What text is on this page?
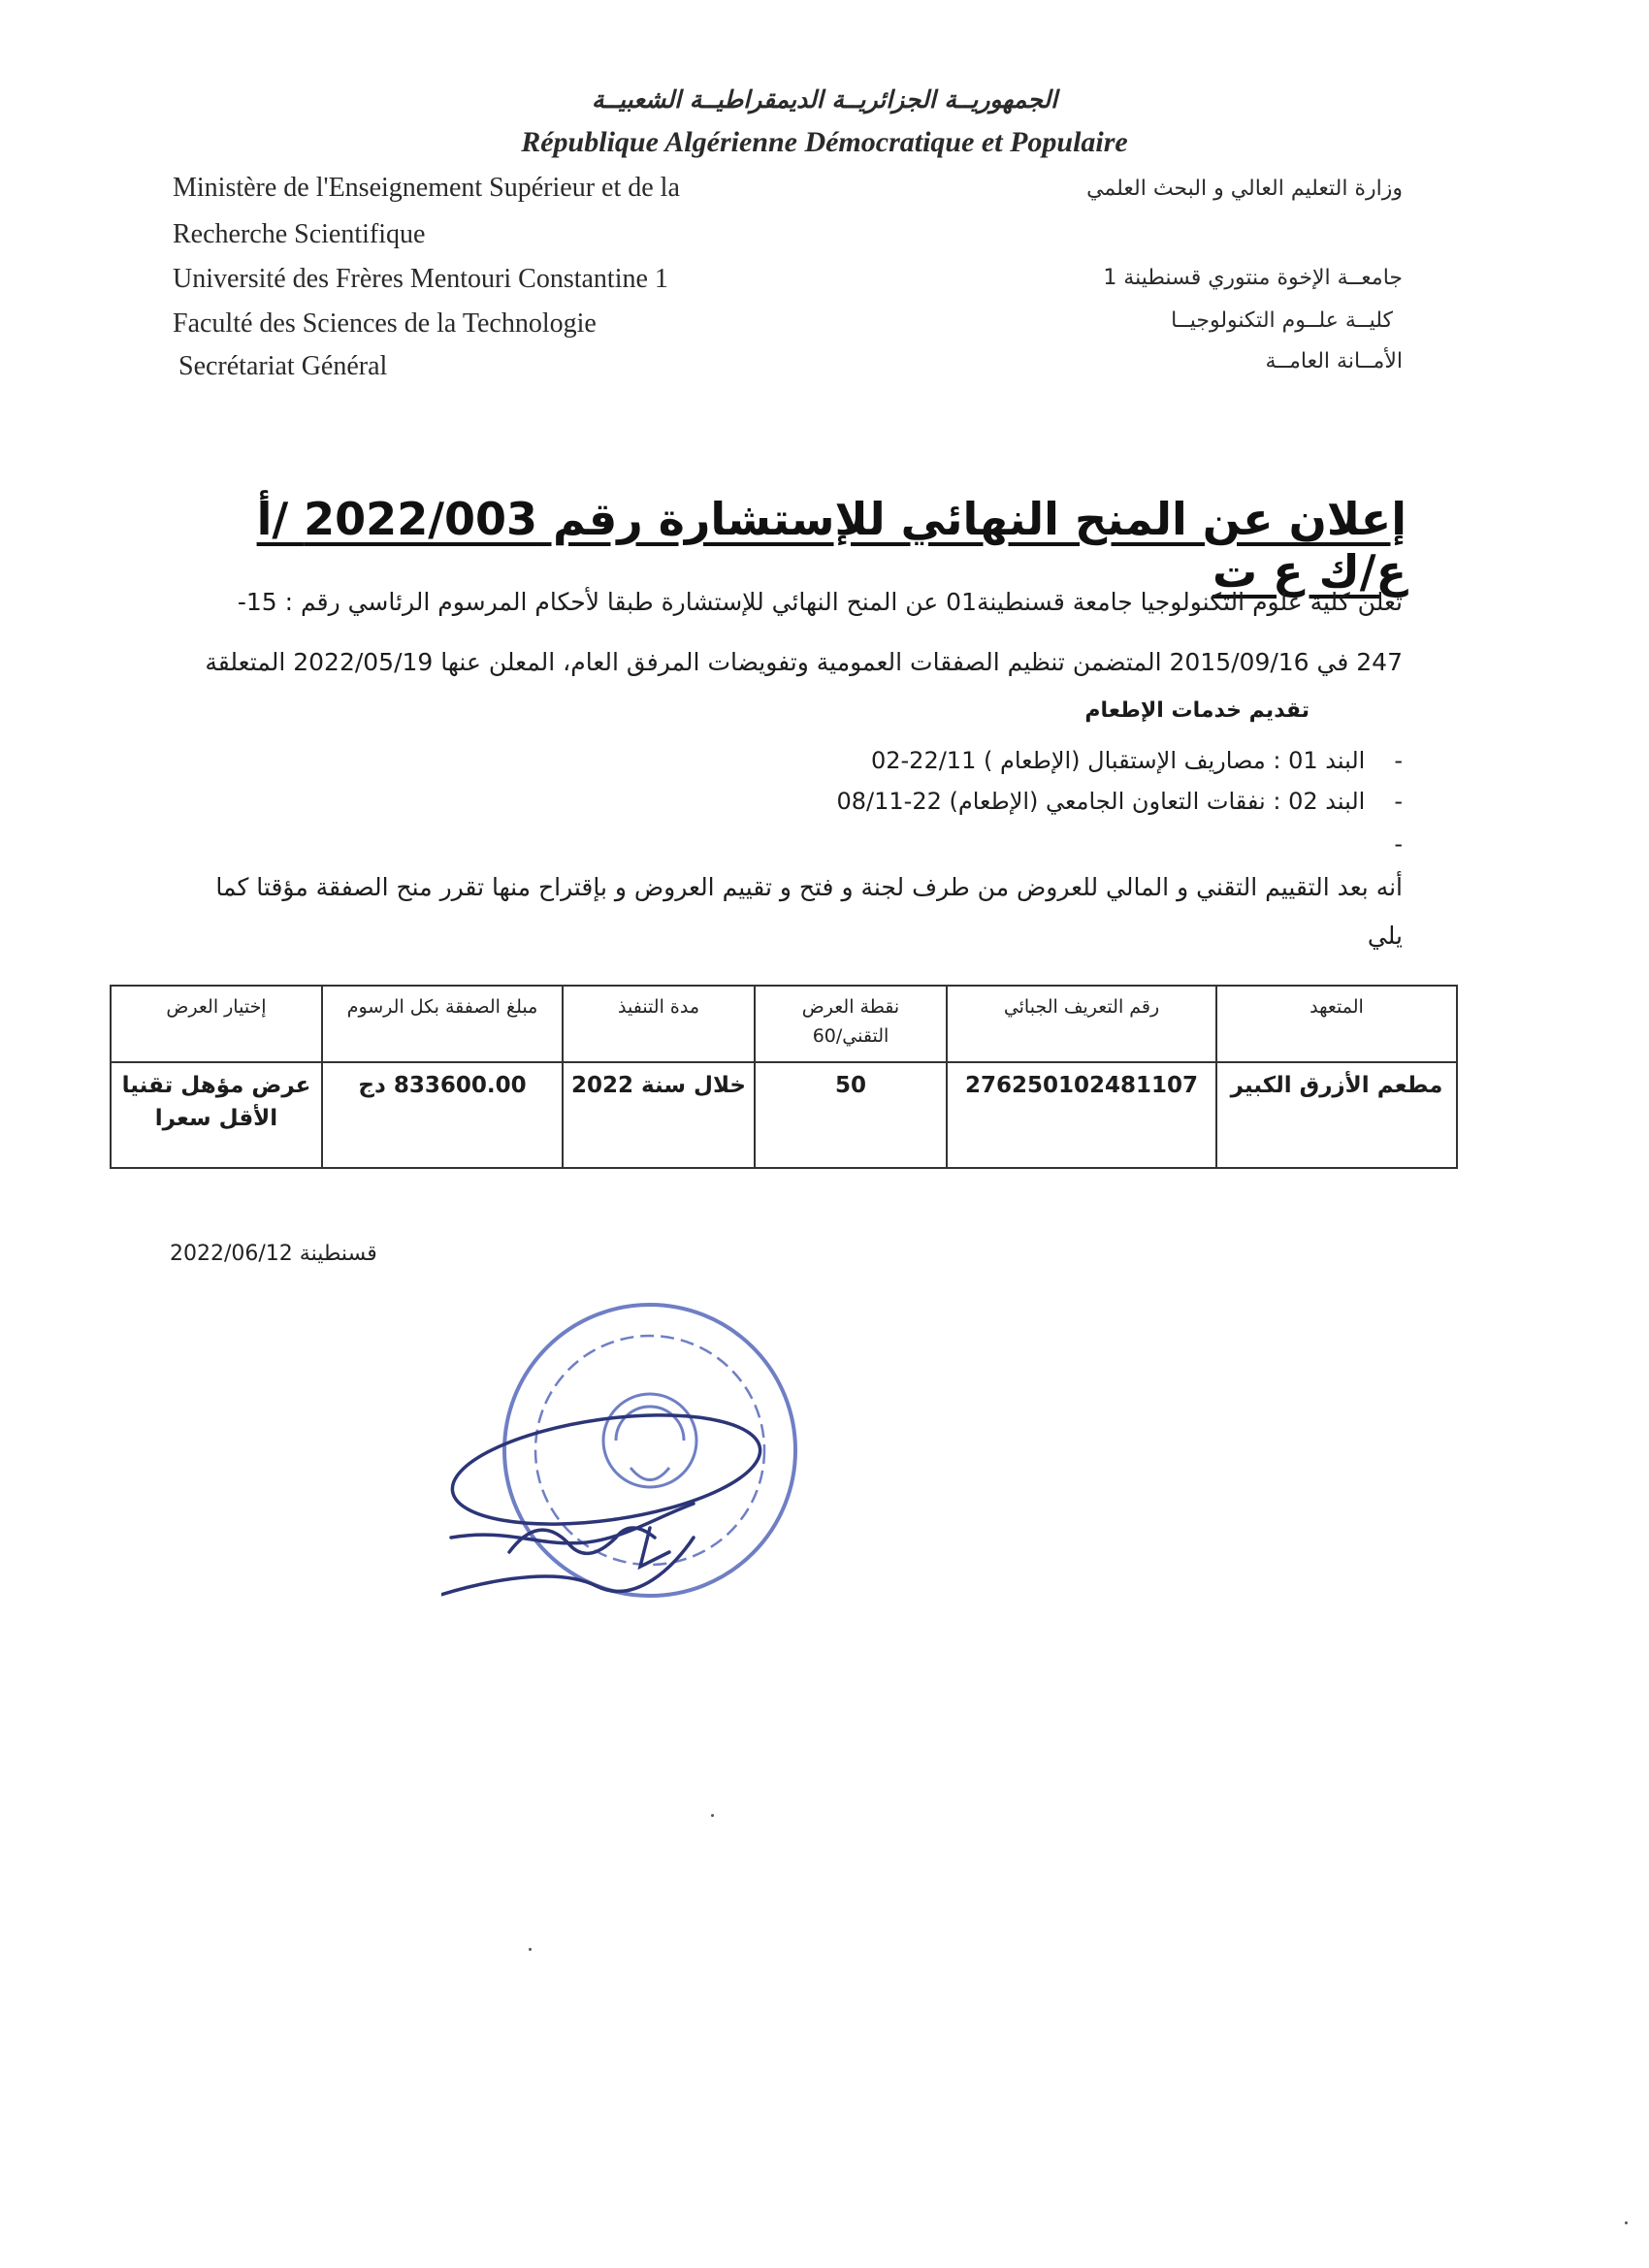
الجمهوريــة الجزائريــة الديمقراطيــة الشعبيــة
République Algérienne Démocratique et Populaire
Ministère de l'Enseignement Supérieur et de la
Recherche Scientifique
Université des Frères Mentouri Constantine 1
Faculté des Sciences de la Technologie
Secrétariat Général
وزارة التعليم العالي و البحث العلمي
جامعــة الإخوة منتوري قسنطينة 1
كليــة علــوم التكنولوجيــا
الأمــانة العامــة
إعلان عن المنح النهائي للإستشارة رقم 2022/003 /أ ع/ك ع ت
تعلن كلية علوم التكنولوجيا جامعة قسنطينة01 عن المنح النهائي للإستشارة طبقا لأحكام المرسوم الرئاسي رقم : 15-
247 في 2015/09/16 المتضمن تنظيم الصفقات العمومية وتفويضات المرفق العام، المعلن عنها 2022/05/19 المتعلقة
تقديم خدمات الإطعام
-البند 01 : مصاريف الإستقبال (الإطعام ) 22/11-02
-البند 02 : نفقات التعاون الجامعي (الإطعام) 22-08/11
-
أنه بعد التقييم التقني و المالي للعروض من طرف لجنة و فتح و تقييم العروض و بإقتراح منها تقرر منح الصفقة مؤقتا كما
يلي
المتعهد	رقم التعريف الجبائي	نقطة العرض التقني/60	مدة التنفيذ	مبلغ الصفقة بكل الرسوم	إختيار العرض
مطعم الأزرق الكبير	276250102481107	50	خلال سنة 2022	833600.00 دج	عرض مؤهل تقنيا الأقل سعرا
قسنطينة 2022/06/12
